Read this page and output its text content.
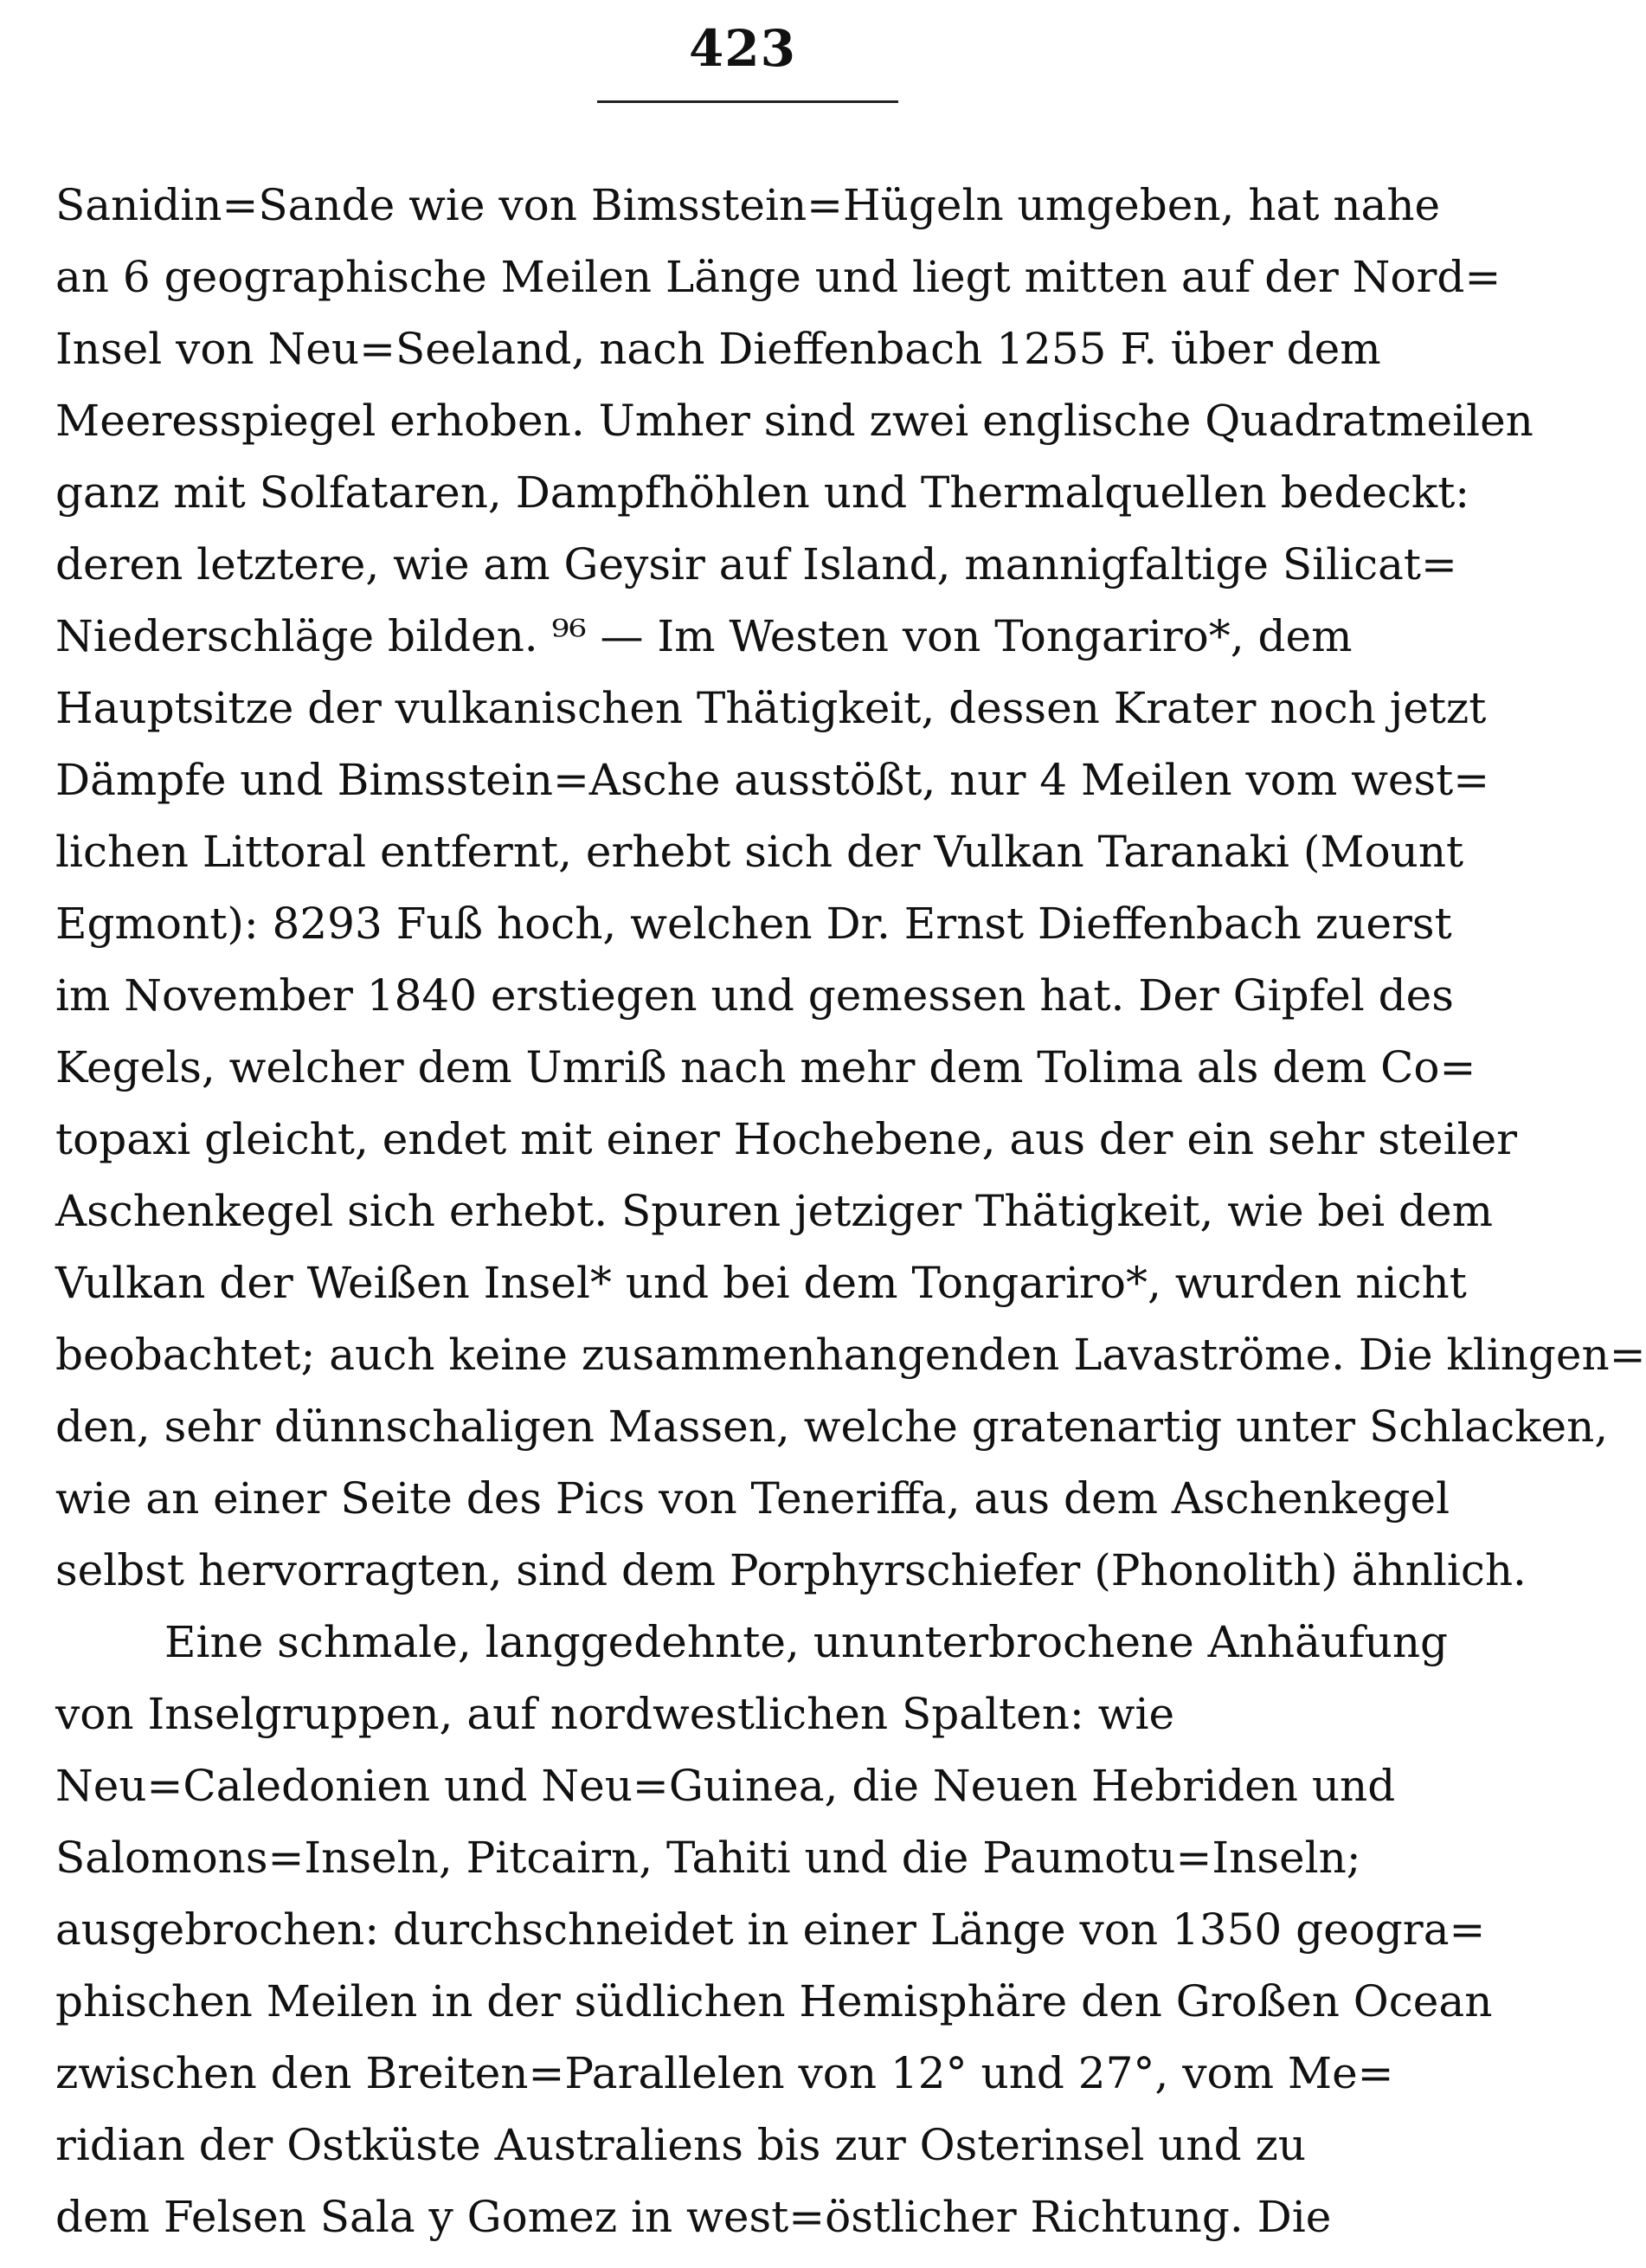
423
Sanidin=Sande wie von Bimsstein=Hügeln umgeben, hat nahe
an 6 geographische Meilen Länge und liegt mitten auf der Nord=
Insel von Neu=Seeland, nach Dieffenbach 1255 F. über dem
Meeresspiegel erhoben. Umher sind zwei englische Quadratmeilen
ganz mit Solfataren, Dampfhöhlen und Thermalquellen bedeckt:
deren letztere, wie am Geysir auf Island, mannigfaltige Silicat=
Niederschläge bilden. ⁹⁶ — Im Westen von Tongariro*, dem
Hauptsitze der vulkanischen Thätigkeit, dessen Krater noch jetzt
Dämpfe und Bimsstein=Asche ausstößt, nur 4 Meilen vom west=
lichen Littoral entfernt, erhebt sich der Vulkan Taranaki (Mount
Egmont): 8293 Fuß hoch, welchen Dr. Ernst Dieffenbach zuerst
im November 1840 erstiegen und gemessen hat. Der Gipfel des
Kegels, welcher dem Umriß nach mehr dem Tolima als dem Co=
topaxi gleicht, endet mit einer Hochebene, aus der ein sehr steiler
Aschenkegel sich erhebt. Spuren jetziger Thätigkeit, wie bei dem
Vulkan der Weißen Insel* und bei dem Tongariro*, wurden nicht
beobachtet; auch keine zusammenhangenden Lavaströme. Die klingen=
den, sehr dünnschaligen Massen, welche gratenartig unter Schlacken,
wie an einer Seite des Pics von Teneriffa, aus dem Aschenkegel
selbst hervorragten, sind dem Porphyrschiefer (Phonolith) ähnlich.
Eine schmale, langgedehnte, ununterbrochene Anhäufung
von Inselgruppen, auf nordwestlichen Spalten: wie
Neu=Caledonien und Neu=Guinea, die Neuen Hebriden und
Salomons=Inseln, Pitcairn, Tahiti und die Paumotu=Inseln;
ausgebrochen: durchschneidet in einer Länge von 1350 geogra=
phischen Meilen in der südlichen Hemisphäre den Großen Ocean
zwischen den Breiten=Parallelen von 12° und 27°, vom Me=
ridian der Ostküste Australiens bis zur Osterinsel und zu
dem Felsen Sala y Gomez in west=östlicher Richtung. Die
